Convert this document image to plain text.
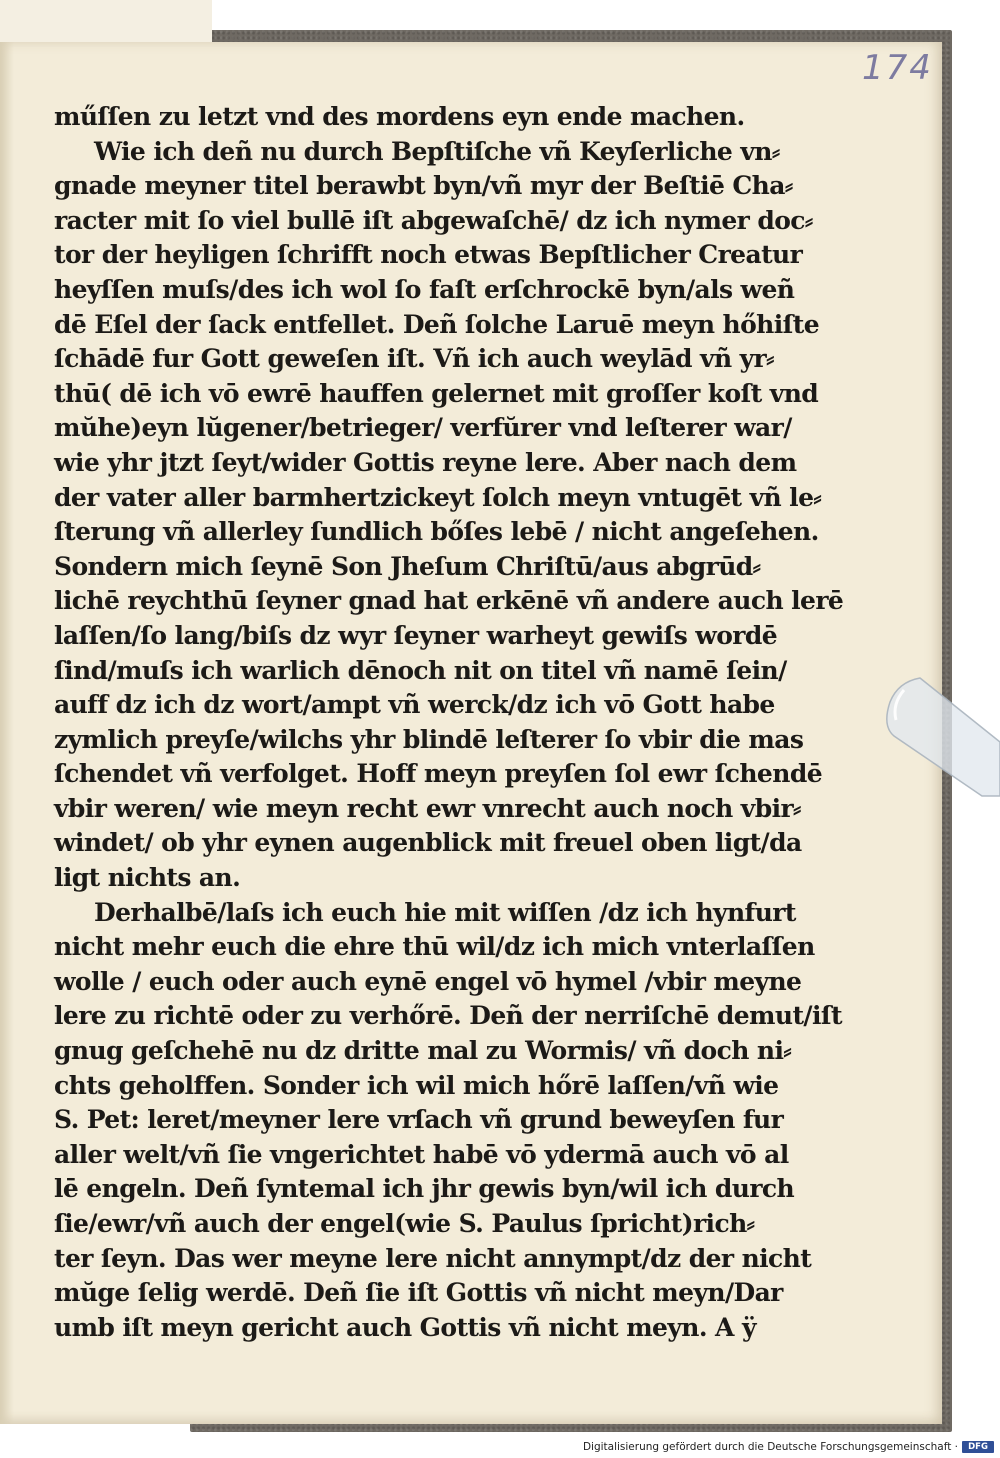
174
műſſen zu letzt vnd des mordens eyn ende machen.
Wie ich deñ nu durch Bepſtiſche vñ Keyſerliche vn⸗
gnade meyner titel berawbt byn/vñ myr der Beſtiē Cha⸗
racter mit ſo viel bullē iſt abgewaſchē/ dz ich nymer doc⸗
tor der heyligen ſchrifft noch etwas Bepſtlicher Creatur
heyſſen muſs/des ich wol ſo faſt erſchrockē byn/als weñ
dē Eſel der ſack entfellet. Deñ ſolche Laruē meyn hőhiſte
ſchādē fur Gott geweſen iſt. Vñ ich auch weylād vñ yr⸗
thū( dē ich vō ewrē hauffen gelernet mit groſſer koſt vnd
mŭhe)eyn lŭgener/betrieger/ verfŭrer vnd leſterer war/
wie yhr jtzt ſeyt/wider Gottis reyne lere. Aber nach dem
der vater aller barmhertzickeyt ſolch meyn vntugēt vñ le⸗
ſterung vñ allerley ſundlich bőſes lebē / nicht angeſehen.
Sondern mich ſeynē Son Jheſum Chriſtū/aus abgrūd⸗
lichē reychthū ſeyner gnad hat erkēnē vñ andere auch lerē
laſſen/ſo lang/biſs dz wyr ſeyner warheyt gewiſs wordē
ſind/muſs ich warlich dēnoch nit on titel vñ namē ſein/
auff dz ich dz wort/ampt vñ werck/dz ich vō Gott habe
zymlich preyſe/wilchs yhr blindē leſterer ſo vbir die mas
ſchendet vñ verfolget. Hoff meyn preyſen ſol ewr ſchendē
vbir weren/ wie meyn recht ewr vnrecht auch noch vbir⸗
windet/ ob yhr eynen augenblick mit freuel oben ligt/da
ligt nichts an.
Derhalbē/laſs ich euch hie mit wiſſen /dz ich hynfurt
nicht mehr euch die ehre thū wil/dz ich mich vnterlaſſen
wolle / euch oder auch eynē engel vō hymel /vbir meyne
lere zu richtē oder zu verhőrē. Deñ der nerriſchē demut/iſt
gnug geſchehē nu dz dritte mal zu Wormis/ vñ doch ni⸗
chts geholffen. Sonder ich wil mich hőrē laſſen/vñ wie
S. Pet: leret/meyner lere vrſach vñ grund beweyſen fur
aller welt/vñ ſie vngerichtet habē vō ydermā auch vō al
lē engeln. Deñ ſyntemal ich jhr gewis byn/wil ich durch
ſie/ewr/vñ auch der engel(wie S. Paulus ſpricht)rich⸗
ter ſeyn. Das wer meyne lere nicht annympt/dz der nicht
mŭge ſelig werdē. Deñ ſie iſt Gottis vñ nicht meyn/Dar
umb iſt meyn gericht auch Gottis vñ nicht meyn. A ÿ
Digitalisierung gefördert durch die Deutsche Forschungsgemeinschaft ·	DFG
